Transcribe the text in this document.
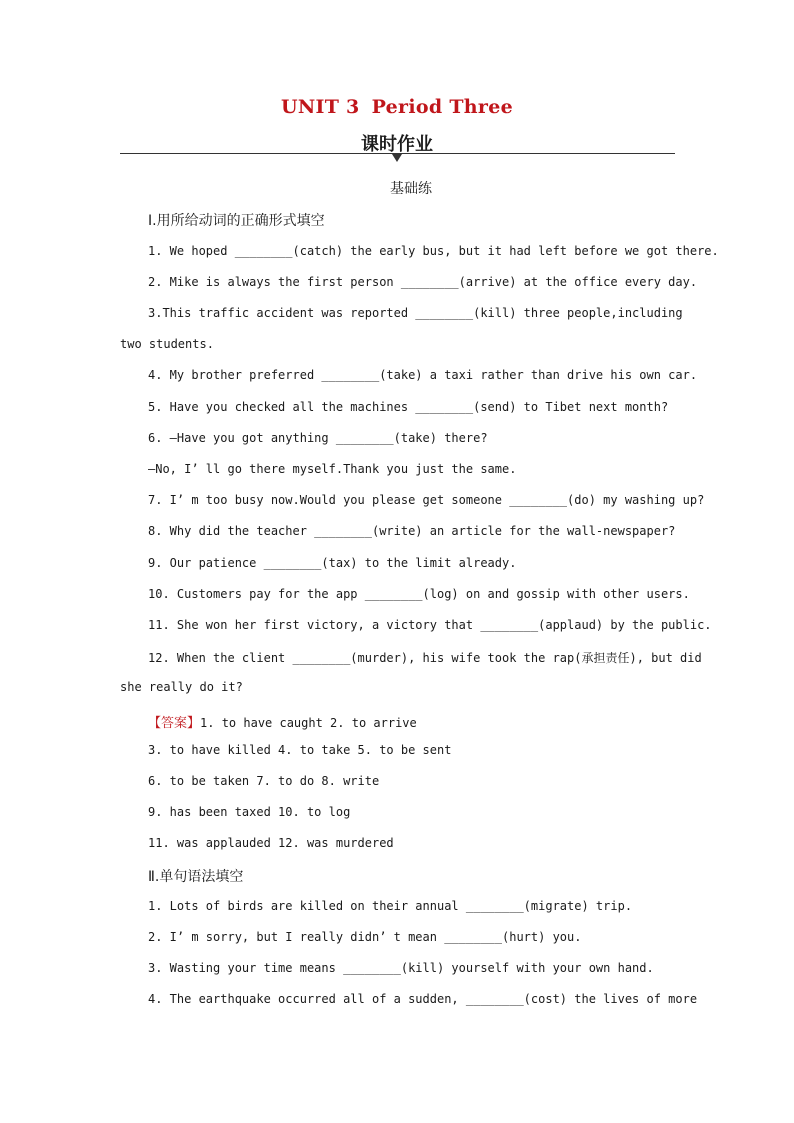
UNIT 3 Period Three
课时作业
基础练
Ⅰ.用所给动词的正确形式填空
1. We hoped ________(catch) the early bus, but it had left before we got there.
2. Mike is always the first person ________(arrive) at the office every day.
3.This traffic accident was reported ________(kill) three people,including
two students.
4. My brother preferred ________(take) a taxi rather than drive his own car.
5. Have you checked all the machines ________(send) to Tibet next month?
6. —Have you got anything ________(take) there?
—No, I’ ll go there myself.Thank you just the same.
7. I’ m too busy now.Would you please get someone ________(do) my washing up?
8. Why did the teacher ________(write) an article for the wall-newspaper?
9. Our patience ________(tax) to the limit already.
10. Customers pay for the app ________(log) on and gossip with other users.
11. She won her first victory, a victory that ________(applaud) by the public.
12. When the client ________(murder), his wife took the rap(承担责任), but did
she really do it?
【答案】1. to have caught 2. to arrive
3. to have killed 4. to take 5. to be sent
6. to be taken 7. to do 8. write
9. has been taxed 10. to log
11. was applauded 12. was murdered
Ⅱ.单句语法填空
1. Lots of birds are killed on their annual ________(migrate) trip.
2. I’ m sorry, but I really didn’ t mean ________(hurt) you.
3. Wasting your time means ________(kill) yourself with your own hand.
4. The earthquake occurred all of a sudden, ________(cost) the lives of more
